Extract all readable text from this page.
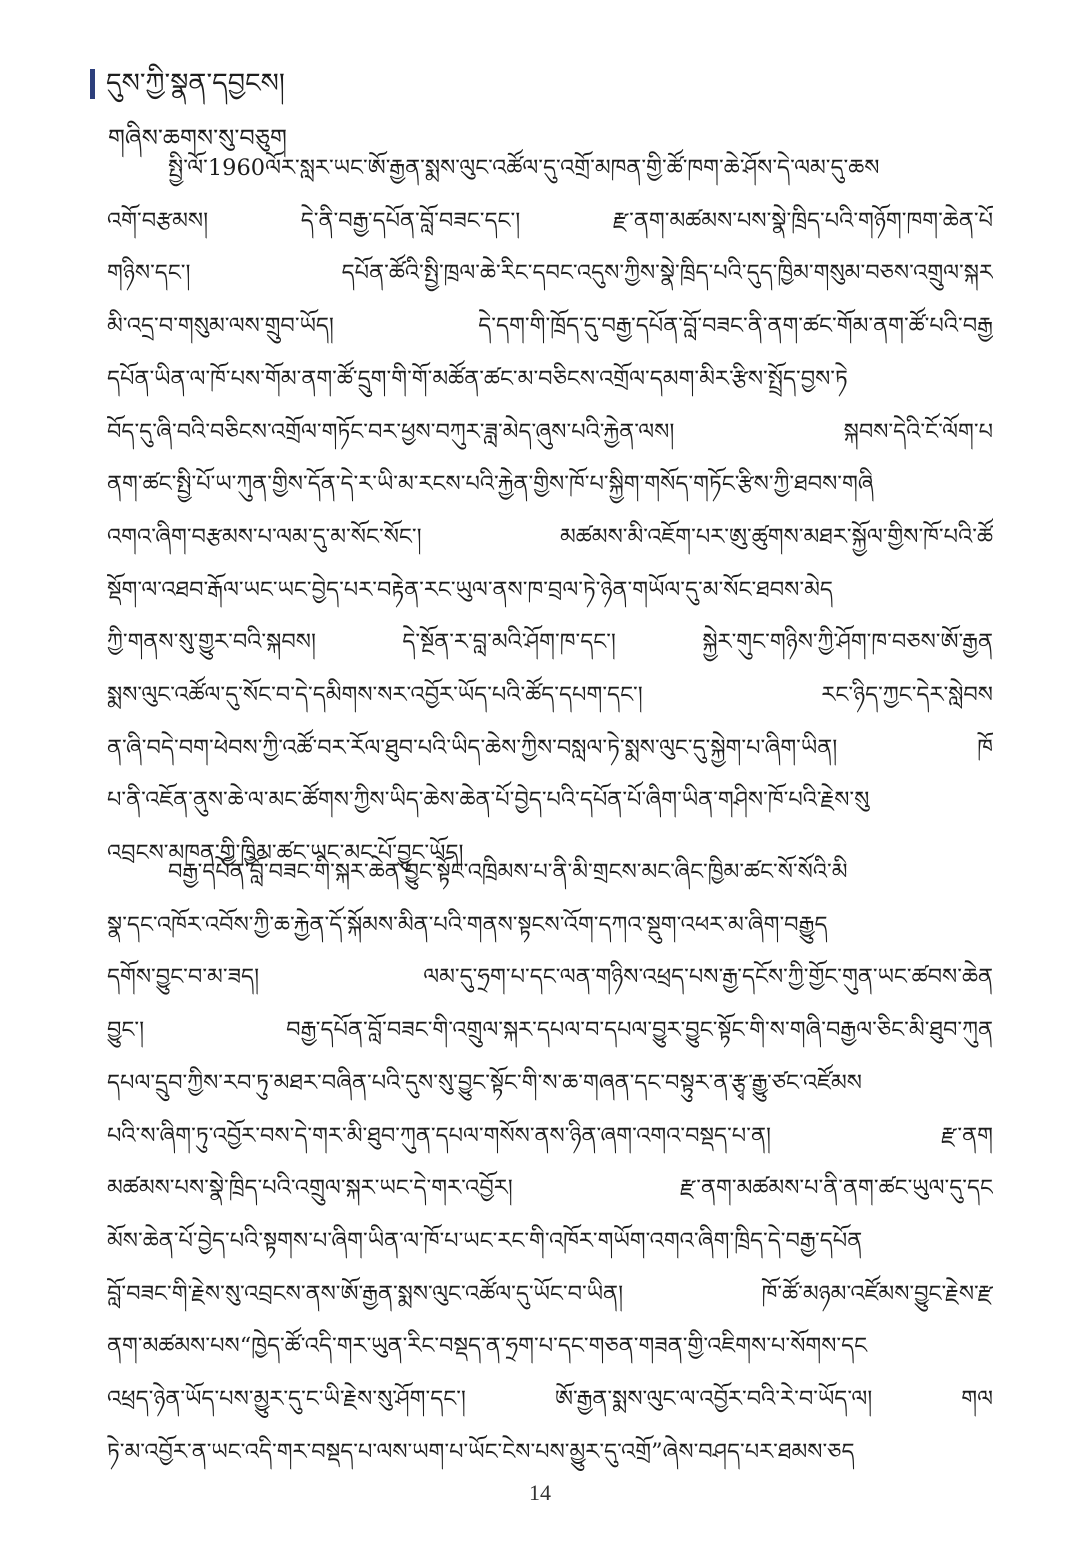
དུས་ཀྱི་སྣན་དབྱངས།
གཞིས་ཆགས་སུ་བཅུག
སྤྱི་ལོ་1960ལོར་སླར་ཡང་ཨོ་རྒྱན་སྨས་ལུང་འཚོལ་དུ་འགྲོ་མཁན་གྱི་ཚོ་ཁག་ཆེ་ཤོས་དེ་ལམ་དུ་ཆས
འགོ་བརྩམས། དེ་ནི་བརྒྱ་དཔོན་བློ་བཟང་དང་། རྫ་ནག་མཚམས་པས་སྣེ་ཁྲིད་པའི་གཉོག་ཁག་ཆེན་པོ
གཉིས་དང་། དཔོན་ཚོའི་སྤྱི་ཁྲལ་ཆེ་རིང་དབང་འདུས་ཀྱིས་སྣེ་ཁྲིད་པའི་དུད་ཁྱིམ་གསུམ་བཅས་འགྲུལ་སྐར
མི་འདྲ་བ་གསུམ་ལས་གྲུབ་ཡོད། དེ་དག་གི་ཁྲོད་དུ་བརྒྱ་དཔོན་བློ་བཟང་ནི་ནག་ཚང་གོམ་ནག་ཚོ་པའི་བརྒྱ
དཔོན་ཡིན་ལ་ཁོ་པས་གོམ་ནག་ཚོ་དྲུག་གི་གོ་མཚོན་ཚང་མ་བཅིངས་འགྲོལ་དམག་མིར་རྩིས་སྤྲོད་བྱས་ཏེ
བོད་དུ་ཞི་བའི་བཅིངས་འགྲོལ་གཏོང་བར་ཕྱས་བཀུར་ཟླ་མེད་ཞུས་པའི་རྐྱེན་ལས། སྐབས་དེའི་ངོ་ལོག་པ
ནག་ཚང་སྤྱི་པོ་ཡ་ཀུན་གྱིས་དོན་དེ་ར་ཡི་མ་རངས་པའི་རྐྱེན་གྱིས་ཁོ་པ་སྐྱིག་གསོད་གཏོང་རྩིས་ཀྱི་ཐབས་གཞི
འགའ་ཞིག་བརྩམས་པ་ལམ་དུ་མ་སོང་སོང་། མཚམས་མི་འཇོག་པར་ཨུ་ཚུགས་མཐར་སྐྱོལ་གྱིས་ཁོ་པའི་ཚོ
སྡོག་ལ་འཐབ་རྒོལ་ཡང་ཡང་བྱེད་པར་བརྟེན་རང་ཡུལ་ནས་ཁ་བྲལ་ཏེ་ཉེན་གཡོལ་དུ་མ་སོང་ཐབས་མེད
ཀྱི་གནས་སུ་གྱུར་བའི་སྐབས། དེ་སྔོན་ར་བླ་མའི་ཤོག་ཁ་དང་། སྐྱེར་གུང་གཉིས་ཀྱི་ཤོག་ཁ་བཅས་ཨོ་རྒྱན
སྨས་ལུང་འཚོལ་དུ་སོང་བ་དེ་དམིགས་སར་འབྱོར་ཡོད་པའི་ཚོད་དཔག་དང་། རང་ཉིད་ཀྱང་དེར་སླེབས
ན་ཞི་བདེ་བག་ཕེབས་ཀྱི་འཚོ་བར་རོལ་ཐུབ་པའི་ཡིད་ཆེས་ཀྱིས་བསླལ་ཏེ་སྨས་ལུང་དུ་སྐྱེག་པ་ཞིག་ཡིན། ཁོ
པ་ནི་འཇོན་ནུས་ཆེ་ལ་མང་ཚོགས་ཀྱིས་ཡིད་ཆེས་ཆེན་པོ་བྱེད་པའི་དཔོན་པོ་ཞིག་ཡིན་གཤིས་ཁོ་པའི་རྗེས་སུ
འབྲངས་མཁན་གྱི་ཁྱིམ་ཚང་ཡང་མང་པོ་བྱུང་ཡོད།
བརྒྱ་དཔོན་བློ་བཟང་གི་སྐར་ཆེན་བྱུང་སྟོང་འཁྲིམས་པ་ནི་མི་གྲངས་མང་ཞིང་ཁྱིམ་ཚང་སོ་སོའི་མི
སྣ་དང་འཁོར་འབོས་ཀྱི་ཆ་རྐྱེན་དོ་སྐོམས་མིན་པའི་གནས་སྟངས་འོག་དཀའ་སྡུག་འཕར་མ་ཞིག་བརྒྱུད
དགོས་བྱུང་བ་མ་ཟད། ལམ་དུ་ཧྲག་པ་དང་ལན་གཉིས་འཕྲད་པས་རྒྱ་དངོས་ཀྱི་གྱོང་གུན་ཡང་ཚབས་ཆེན
བྱུང་། བརྒྱ་དཔོན་བློ་བཟང་གི་འགྲུལ་སྐར་དཔལ་བ་དཔལ་བྱུར་བྱུང་སྟོང་གི་ས་གཞི་བརྒྱལ་ཅིང་མི་ཐུབ་ཀུན
དཔལ་དྲུབ་ཀྱིས་རབ་ཏུ་མཐར་བཞིན་པའི་དུས་སུ་བྱུང་སྟོང་གི་ས་ཆ་གཞན་དང་བསྟུར་ན་རྩྭ་རྒྱུ་ཙང་འཛོམས
པའི་ས་ཞིག་ཏུ་འབྱོར་བས་དེ་གར་མི་ཐུབ་ཀུན་དཔལ་གསོས་ནས་ཉིན་ཞག་འགའ་བསྡད་པ་ན། རྫ་ནག
མཚམས་པས་སྣེ་ཁྲིད་པའི་འགྲུལ་སྐར་ཡང་དེ་གར་འབྱོར། རྫ་ནག་མཚམས་པ་ནི་ནག་ཚང་ཡུལ་དུ་དང
མོས་ཆེན་པོ་བྱེད་པའི་སྟགས་པ་ཞིག་ཡིན་ལ་ཁོ་པ་ཡང་རང་གི་འཁོར་གཡོག་འགའ་ཞིག་ཁྲིད་དེ་བརྒྱ་དཔོན
བློ་བཟང་གི་རྗེས་སུ་འབྲངས་ནས་ཨོ་རྒྱན་སྨས་ལུང་འཚོལ་དུ་ཡོང་བ་ཡིན། ཁོ་ཚོ་མཉམ་འཛོམས་བྱུང་རྗེས་རྫ
ནག་མཚམས་པས“ཁྱེད་ཚོ་འདི་གར་ཡུན་རིང་བསྡད་ན་ཧྲག་པ་དང་གཅན་གཟན་གྱི་འཇིགས་པ་སོགས་དང
འཕྲད་ཉེན་ཡོད་པས་མྱུར་དུ་ང་ཡི་རྗེས་སུ་ཤོག་དང་། ཨོ་རྒྱན་སྨས་ལུང་ལ་འབྱོར་བའི་རེ་བ་ཡོད་ལ། གལ
ཏེ་མ་འབྱོར་ན་ཡང་འདི་གར་བསྡད་པ་ལས་ཡག་པ་ཡོང་ངེས་པས་མྱུར་དུ་འགྲོ”ཞེས་བཤད་པར་ཐམས་ཅད
14
